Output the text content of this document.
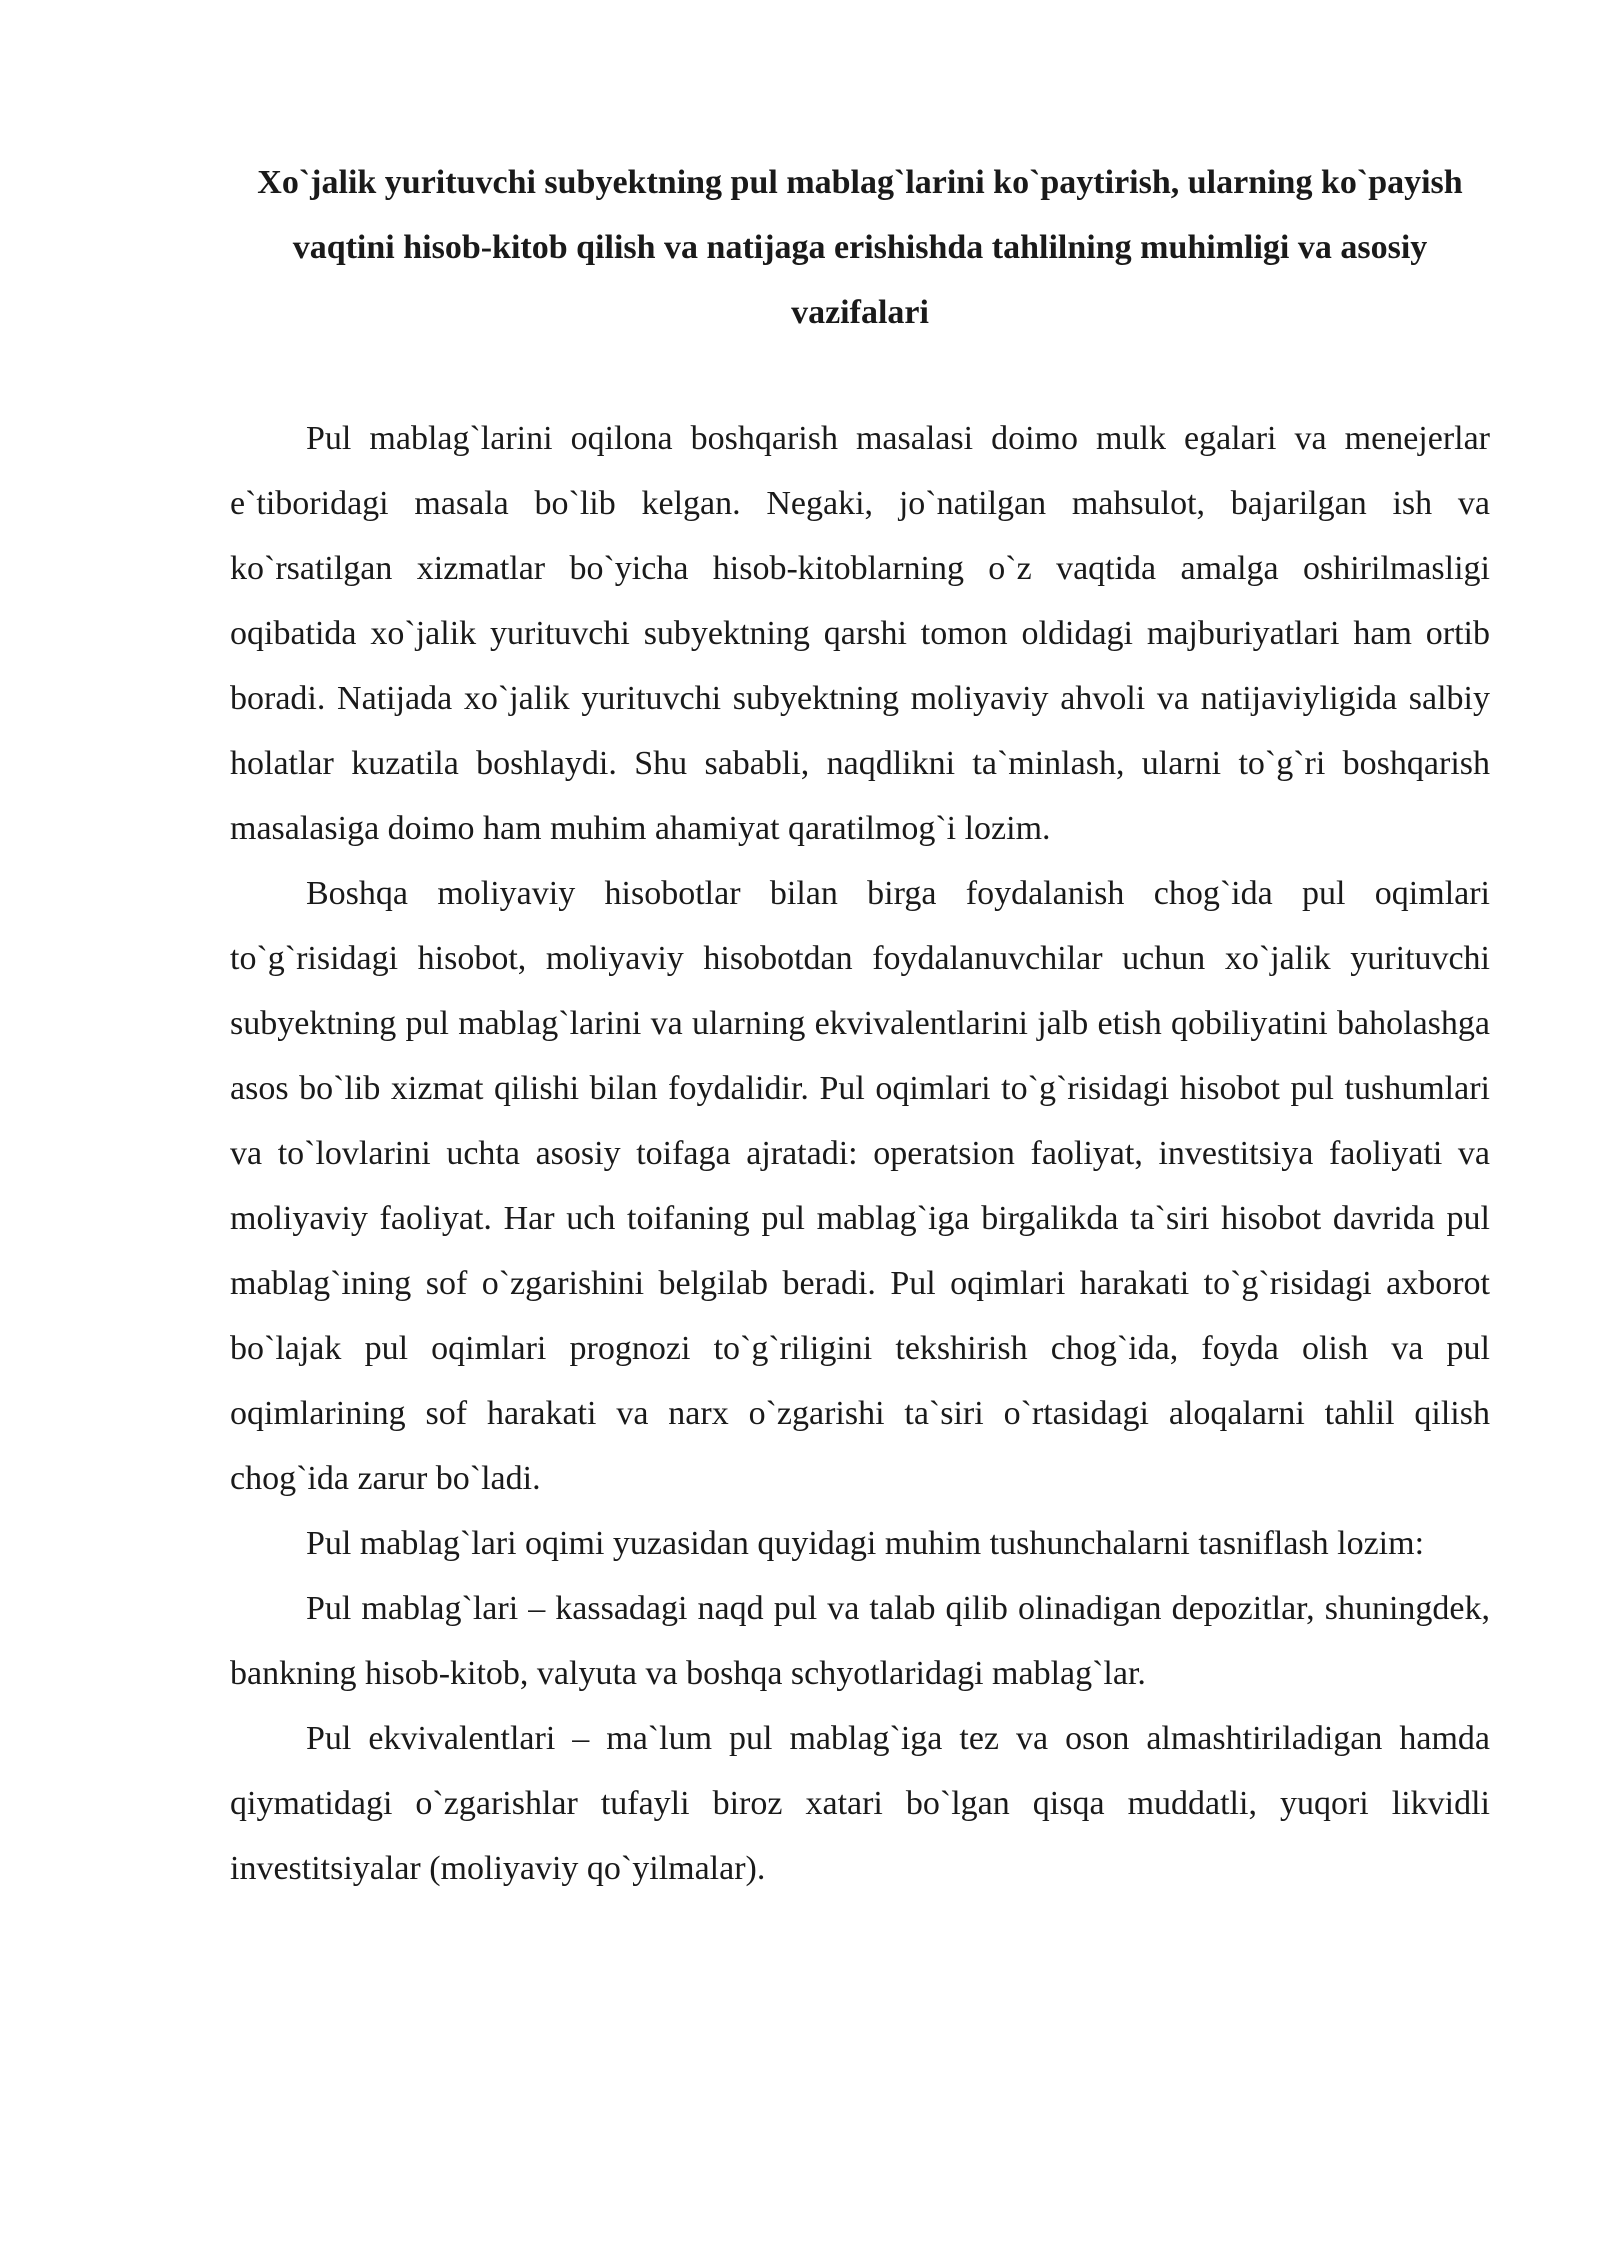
Xo`jalik yurituvchi subyektning pul mablag`larini ko`paytirish, ularning ko`payish vaqtini hisob-kitob qilish va natijaga erishishda tahlilning muhimligi va asosiy vazifalari

Pul mablag`larini oqilona boshqarish masalasi doimo mulk egalari va menejerlar e`tiboridagi masala bo`lib kelgan. Negaki, jo`natilgan mahsulot, bajarilgan ish va ko`rsatilgan xizmatlar bo`yicha hisob-kitoblarning o`z vaqtida amalga oshirilmasligi oqibatida xo`jalik yurituvchi subyektning qarshi tomon oldidagi majburiyatlari ham ortib boradi. Natijada xo`jalik yurituvchi subyektning moliyaviy ahvoli va natijaviyligida salbiy holatlar kuzatila boshlaydi. Shu sababli, naqdlikni ta`minlash, ularni to`g`ri boshqarish masalasiga doimo ham muhim ahamiyat qaratilmog`i lozim.

Boshqa moliyaviy hisobotlar bilan birga foydalanish chog`ida pul oqimlari to`g`risidagi hisobot, moliyaviy hisobotdan foydalanuvchilar uchun xo`jalik yurituvchi subyektning pul mablag`larini va ularning ekvivalentlarini jalb etish qobiliyatini baholashga asos bo`lib xizmat qilishi bilan foydalidir. Pul oqimlari to`g`risidagi hisobot pul tushumlari va to`lovlarini uchta asosiy toifaga ajratadi: operatsion faoliyat, investitsiya faoliyati va moliyaviy faoliyat. Har uch toifaning pul mablag`iga birgalikda ta`siri hisobot davrida pul mablag`ining sof o`zgarishini belgilab beradi. Pul oqimlari harakati to`g`risidagi axborot bo`lajak pul oqimlari prognozi to`g`riligini tekshirish chog`ida, foyda olish va pul oqimlarining sof harakati va narx o`zgarishi ta`siri o`rtasidagi aloqalarni tahlil qilish chog`ida zarur bo`ladi.

Pul mablag`lari oqimi yuzasidan quyidagi muhim tushunchalarni tasniflash lozim:

Pul mablag`lari – kassadagi naqd pul va talab qilib olinadigan depozitlar, shuningdek, bankning hisob-kitob, valyuta va boshqa schyotlaridagi mablag`lar.

Pul ekvivalentlari – ma`lum pul mablag`iga tez va oson almashtiriladigan hamda qiymatidagi o`zgarishlar tufayli biroz xatari bo`lgan qisqa muddatli, yuqori likvidli investitsiyalar (moliyaviy qo`yilmalar).
